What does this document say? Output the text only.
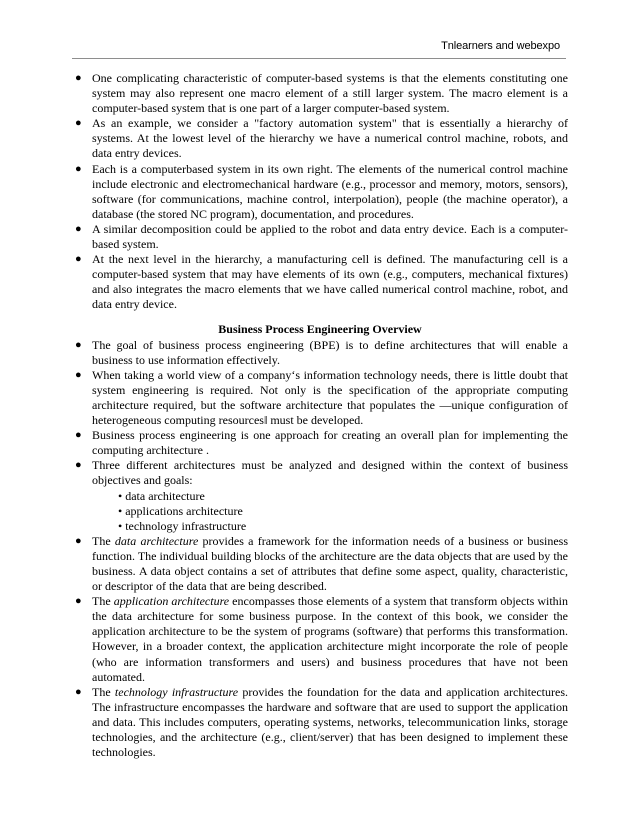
Tnlearners and webexpo
● One complicating characteristic of computer-based systems is that the elements constituting one system may also represent one macro element of a still larger system. The macro element is a computer-based system that is one part of a larger computer-based system.
● As an example, we consider a "factory automation system" that is essentially a hierarchy of systems. At the lowest level of the hierarchy we have a numerical control machine, robots, and data entry devices.
● Each is a computerbased system in its own right. The elements of the numerical control machine include electronic and electromechanical hardware (e.g., processor and memory, motors, sensors), software (for communications, machine control, interpolation), people (the machine operator), a database (the stored NC program), documentation, and procedures.
● A similar decomposition could be applied to the robot and data entry device. Each is a computer-based system.
● At the next level in the hierarchy, a manufacturing cell is defined. The manufacturing cell is a computer-based system that may have elements of its own (e.g., computers, mechanical fixtures) and also integrates the macro elements that we have called numerical control machine, robot, and data entry device.
Business Process Engineering Overview
● The goal of business process engineering (BPE) is to define architectures that will enable a business to use information effectively.
● When taking a world view of a company‘s information technology needs, there is little doubt that system engineering is required. Not only is the specification of the appropriate computing architecture required, but the software architecture that populates the ―unique configuration of heterogeneous computing resources‖ must be developed.
● Business process engineering is one approach for creating an overall plan for implementing the computing architecture .
● Three different architectures must be analyzed and designed within the context of business objectives and goals:
• data architecture
• applications architecture
• technology infrastructure
● The data architecture provides a framework for the information needs of a business or business function. The individual building blocks of the architecture are the data objects that are used by the business. A data object contains a set of attributes that define some aspect, quality, characteristic, or descriptor of the data that are being described.
● The application architecture encompasses those elements of a system that transform objects within the data architecture for some business purpose. In the context of this book, we consider the application architecture to be the system of programs (software) that performs this transformation. However, in a broader context, the application architecture might incorporate the role of people (who are information transformers and users) and business procedures that have not been automated.
● The technology infrastructure provides the foundation for the data and application architectures. The infrastructure encompasses the hardware and software that are used to support the application and data. This includes computers, operating systems, networks, telecommunication links, storage technologies, and the architecture (e.g., client/server) that has been designed to implement these technologies.
